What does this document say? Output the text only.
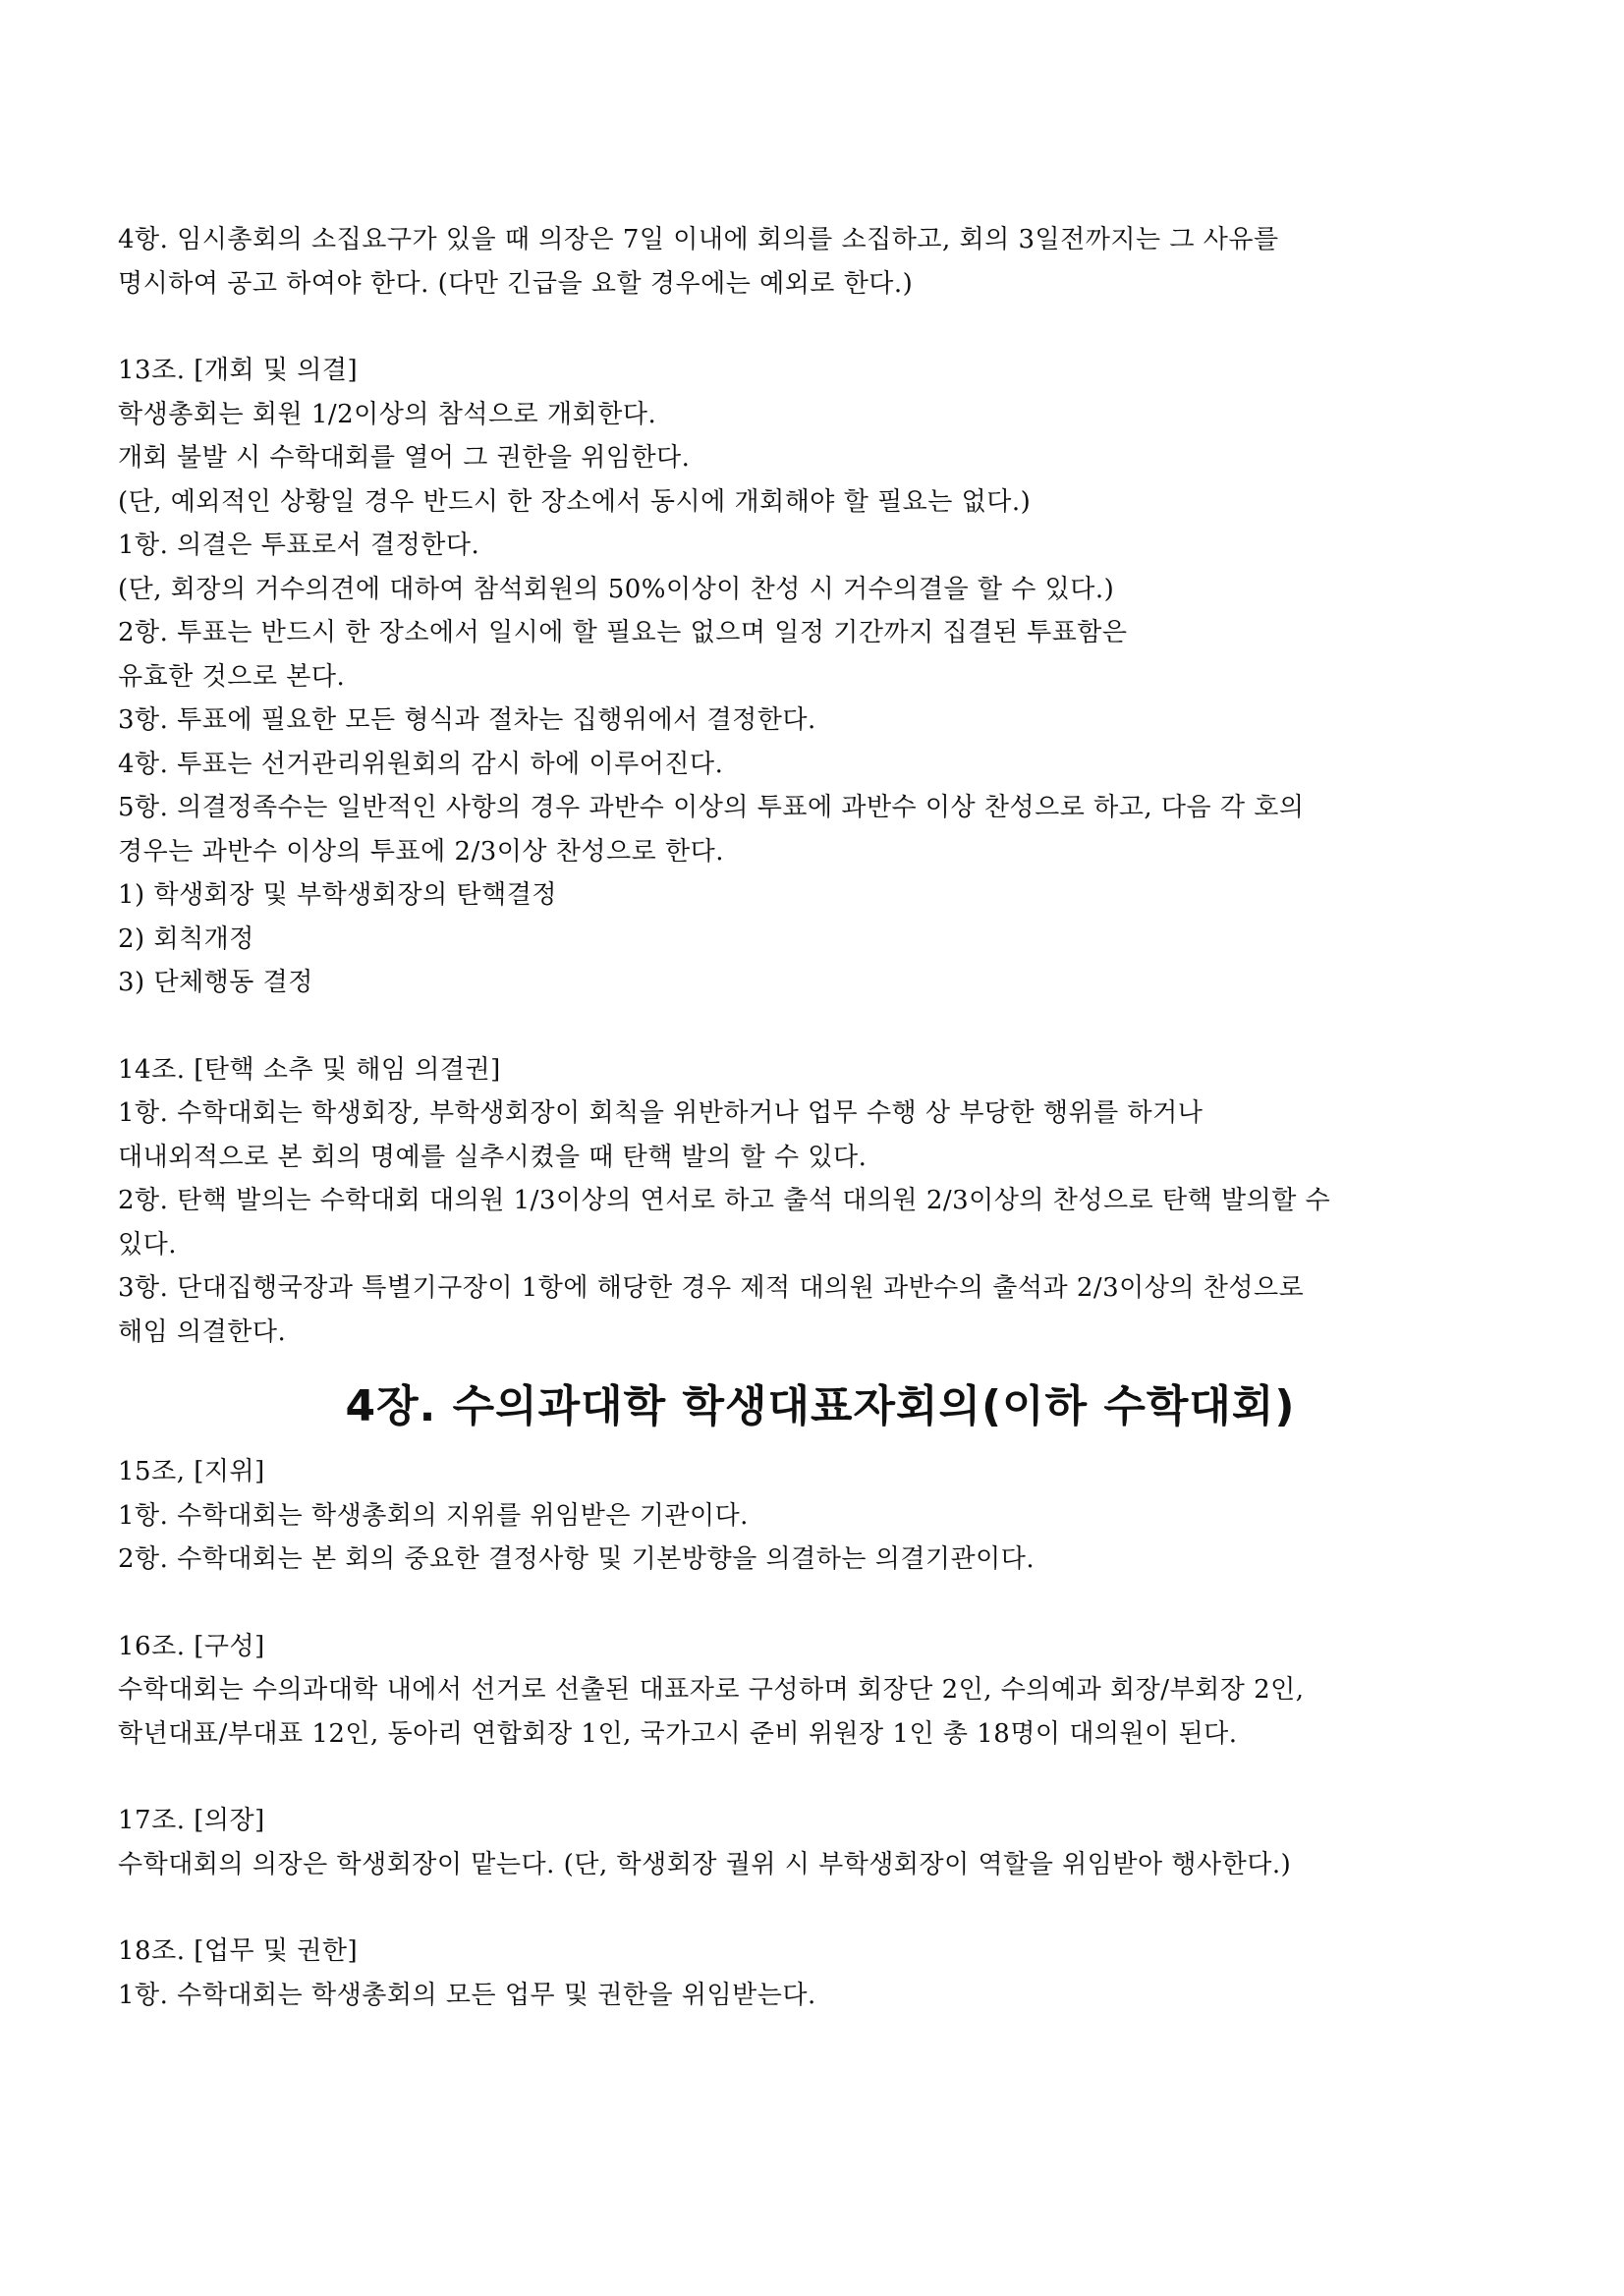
4항. 임시총회의 소집요구가 있을 때 의장은 7일 이내에 회의를 소집하고, 회의 3일전까지는 그 사유를
명시하여 공고 하여야 한다. (다만 긴급을 요할 경우에는 예외로 한다.)
13조. [개회 및 의결]
학생총회는 회원 1/2이상의 참석으로 개회한다.
개회 불발 시 수학대회를 열어 그 권한을 위임한다.
(단, 예외적인 상황일 경우 반드시 한 장소에서 동시에 개회해야 할 필요는 없다.)
1항. 의결은 투표로서 결정한다.
(단, 회장의 거수의견에 대하여 참석회원의 50%이상이 찬성 시 거수의결을 할 수 있다.)
2항. 투표는 반드시 한 장소에서 일시에 할 필요는 없으며 일정 기간까지 집결된 투표함은
유효한 것으로 본다.
3항. 투표에 필요한 모든 형식과 절차는 집행위에서 결정한다.
4항. 투표는 선거관리위원회의 감시 하에 이루어진다.
5항. 의결정족수는 일반적인 사항의 경우 과반수 이상의 투표에 과반수 이상 찬성으로 하고, 다음 각 호의
경우는 과반수 이상의 투표에 2/3이상 찬성으로 한다.
1) 학생회장 및 부학생회장의 탄핵결정
2) 회칙개정
3) 단체행동 결정
14조. [탄핵 소추 및 해임 의결권]
1항. 수학대회는 학생회장, 부학생회장이 회칙을 위반하거나 업무 수행 상 부당한 행위를 하거나
대내외적으로 본 회의 명예를 실추시켰을 때 탄핵 발의 할 수 있다.
2항. 탄핵 발의는 수학대회 대의원 1/3이상의 연서로 하고 출석 대의원 2/3이상의 찬성으로 탄핵 발의할 수
있다.
3항. 단대집행국장과 특별기구장이 1항에 해당한 경우 제적 대의원 과반수의 출석과 2/3이상의 찬성으로
해임 의결한다.
4장. 수의과대학 학생대표자회의(이하 수학대회)
15조, [지위]
1항. 수학대회는 학생총회의 지위를 위임받은 기관이다.
2항. 수학대회는 본 회의 중요한 결정사항 및 기본방향을 의결하는 의결기관이다.
16조. [구성]
수학대회는 수의과대학 내에서 선거로 선출된 대표자로 구성하며 회장단 2인, 수의예과 회장/부회장 2인,
학년대표/부대표 12인, 동아리 연합회장 1인, 국가고시 준비 위원장 1인 총 18명이 대의원이 된다.
17조. [의장]
수학대회의 의장은 학생회장이 맡는다. (단, 학생회장 궐위 시 부학생회장이 역할을 위임받아 행사한다.)
18조. [업무 및 권한]
1항. 수학대회는 학생총회의 모든 업무 및 권한을 위임받는다.
